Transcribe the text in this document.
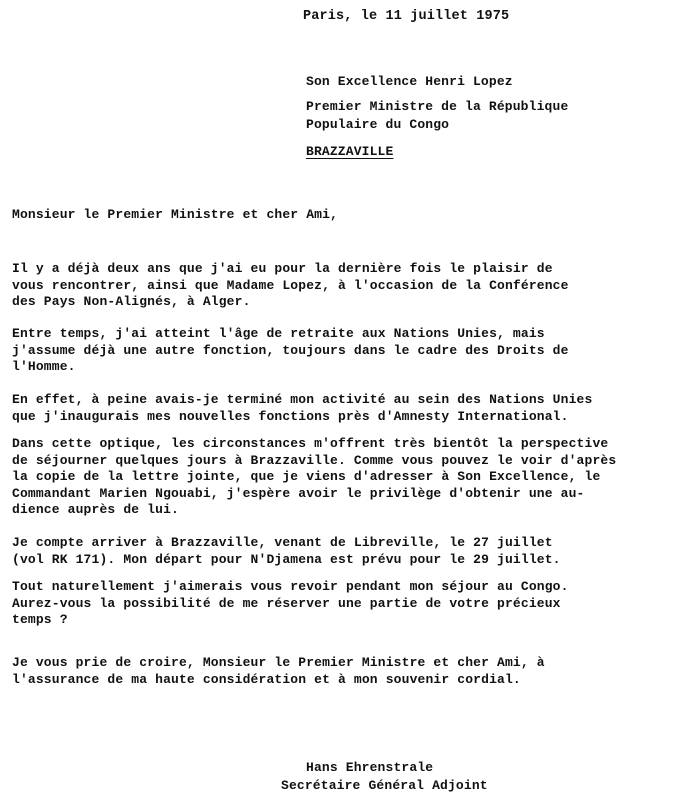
Paris, le 11 juillet 1975
Son Excellence Henri Lopez
Premier Ministre de la République
Populaire du Congo
BRAZZAVILLE
Monsieur le Premier Ministre et cher Ami,
Il y a déjà deux ans que j'ai eu pour la dernière fois le plaisir de
vous rencontrer, ainsi que Madame Lopez, à l'occasion de la Conférence
des Pays Non-Alignés, à Alger.
Entre temps, j'ai atteint l'âge de retraite aux Nations Unies, mais
j'assume déjà une autre fonction, toujours dans le cadre des Droits de
l'Homme.
En effet, à peine avais-je terminé mon activité au sein des Nations Unies
que j'inaugurais mes nouvelles fonctions près d'Amnesty International.
Dans cette optique, les circonstances m'offrent très bientôt la perspective
de séjourner quelques jours à Brazzaville. Comme vous pouvez le voir d'après
la copie de la lettre jointe, que je viens d'adresser à Son Excellence, le
Commandant Marien Ngouabi, j'espère avoir le privilège d'obtenir une au-
dience auprès de lui.
Je compte arriver à Brazzaville, venant de Libreville, le 27 juillet
(vol RK 171). Mon départ pour N'Djamena est prévu pour le 29 juillet.
Tout naturellement j'aimerais vous revoir pendant mon séjour au Congo.
Aurez-vous la possibilité de me réserver une partie de votre précieux
temps ?
Je vous prie de croire, Monsieur le Premier Ministre et cher Ami, à
l'assurance de ma haute considération et à mon souvenir cordial.
Hans Ehrenstrale
Secrétaire Général Adjoint
